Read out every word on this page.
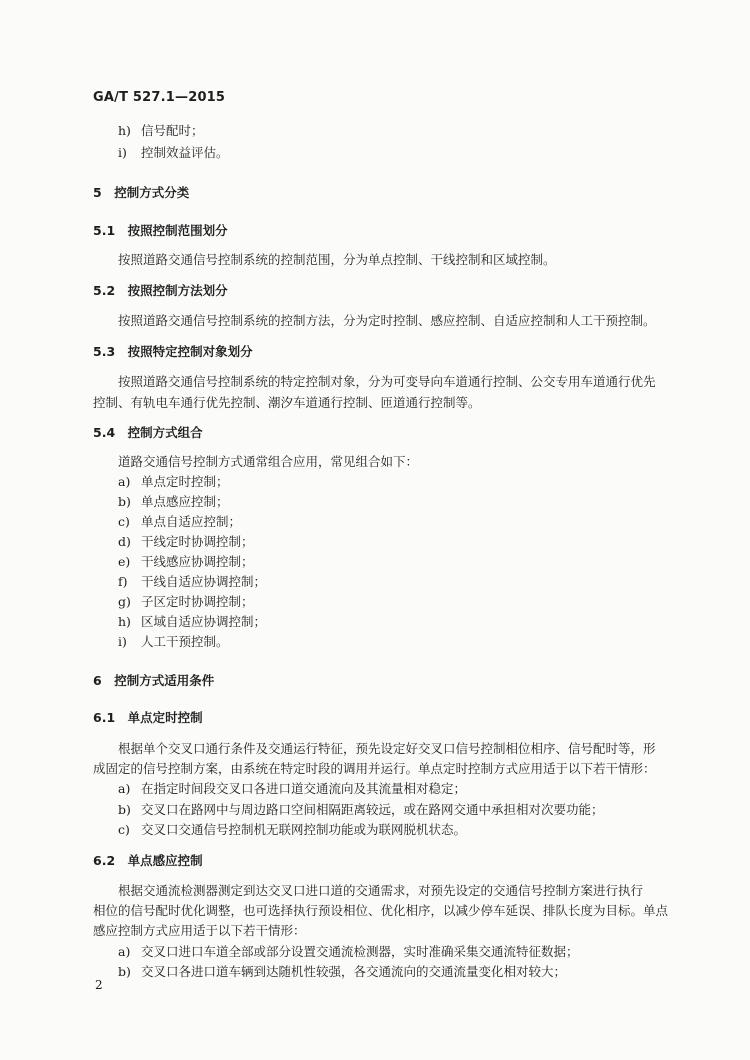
GA/T 527.1—2015
h) 信号配时；
i) 控制效益评估。
5　控制方式分类
5.1　按照控制范围划分
按照道路交通信号控制系统的控制范围，分为单点控制、干线控制和区域控制。
5.2　按照控制方法划分
按照道路交通信号控制系统的控制方法，分为定时控制、感应控制、自适应控制和人工干预控制。
5.3　按照特定控制对象划分
按照道路交通信号控制系统的特定控制对象，分为可变导向车道通行控制、公交专用车道通行优先
控制、有轨电车通行优先控制、潮汐车道通行控制、匝道通行控制等。
5.4　控制方式组合
道路交通信号控制方式通常组合应用，常见组合如下：
a) 单点定时控制；
b) 单点感应控制；
c) 单点自适应控制；
d) 干线定时协调控制；
e) 干线感应协调控制；
f) 干线自适应协调控制；
g) 子区定时协调控制；
h) 区域自适应协调控制；
i) 人工干预控制。
6　控制方式适用条件
6.1　单点定时控制
根据单个交叉口通行条件及交通运行特征，预先设定好交叉口信号控制相位相序、信号配时等，形
成固定的信号控制方案，由系统在特定时段的调用并运行。单点定时控制方式应用适于以下若干情形：
a) 在指定时间段交叉口各进口道交通流向及其流量相对稳定；
b) 交叉口在路网中与周边路口空间相隔距离较远，或在路网交通中承担相对次要功能；
c) 交叉口交通信号控制机无联网控制功能或为联网脱机状态。
6.2　单点感应控制
根据交通流检测器测定到达交叉口进口道的交通需求，对预先设定的交通信号控制方案进行执行
相位的信号配时优化调整，也可选择执行预设相位、优化相序，以减少停车延误、排队长度为目标。单点
感应控制方式应用适于以下若干情形：
a) 交叉口进口车道全部或部分设置交通流检测器，实时准确采集交通流特征数据；
b) 交叉口各进口道车辆到达随机性较强，各交通流向的交通流量变化相对较大；
2
